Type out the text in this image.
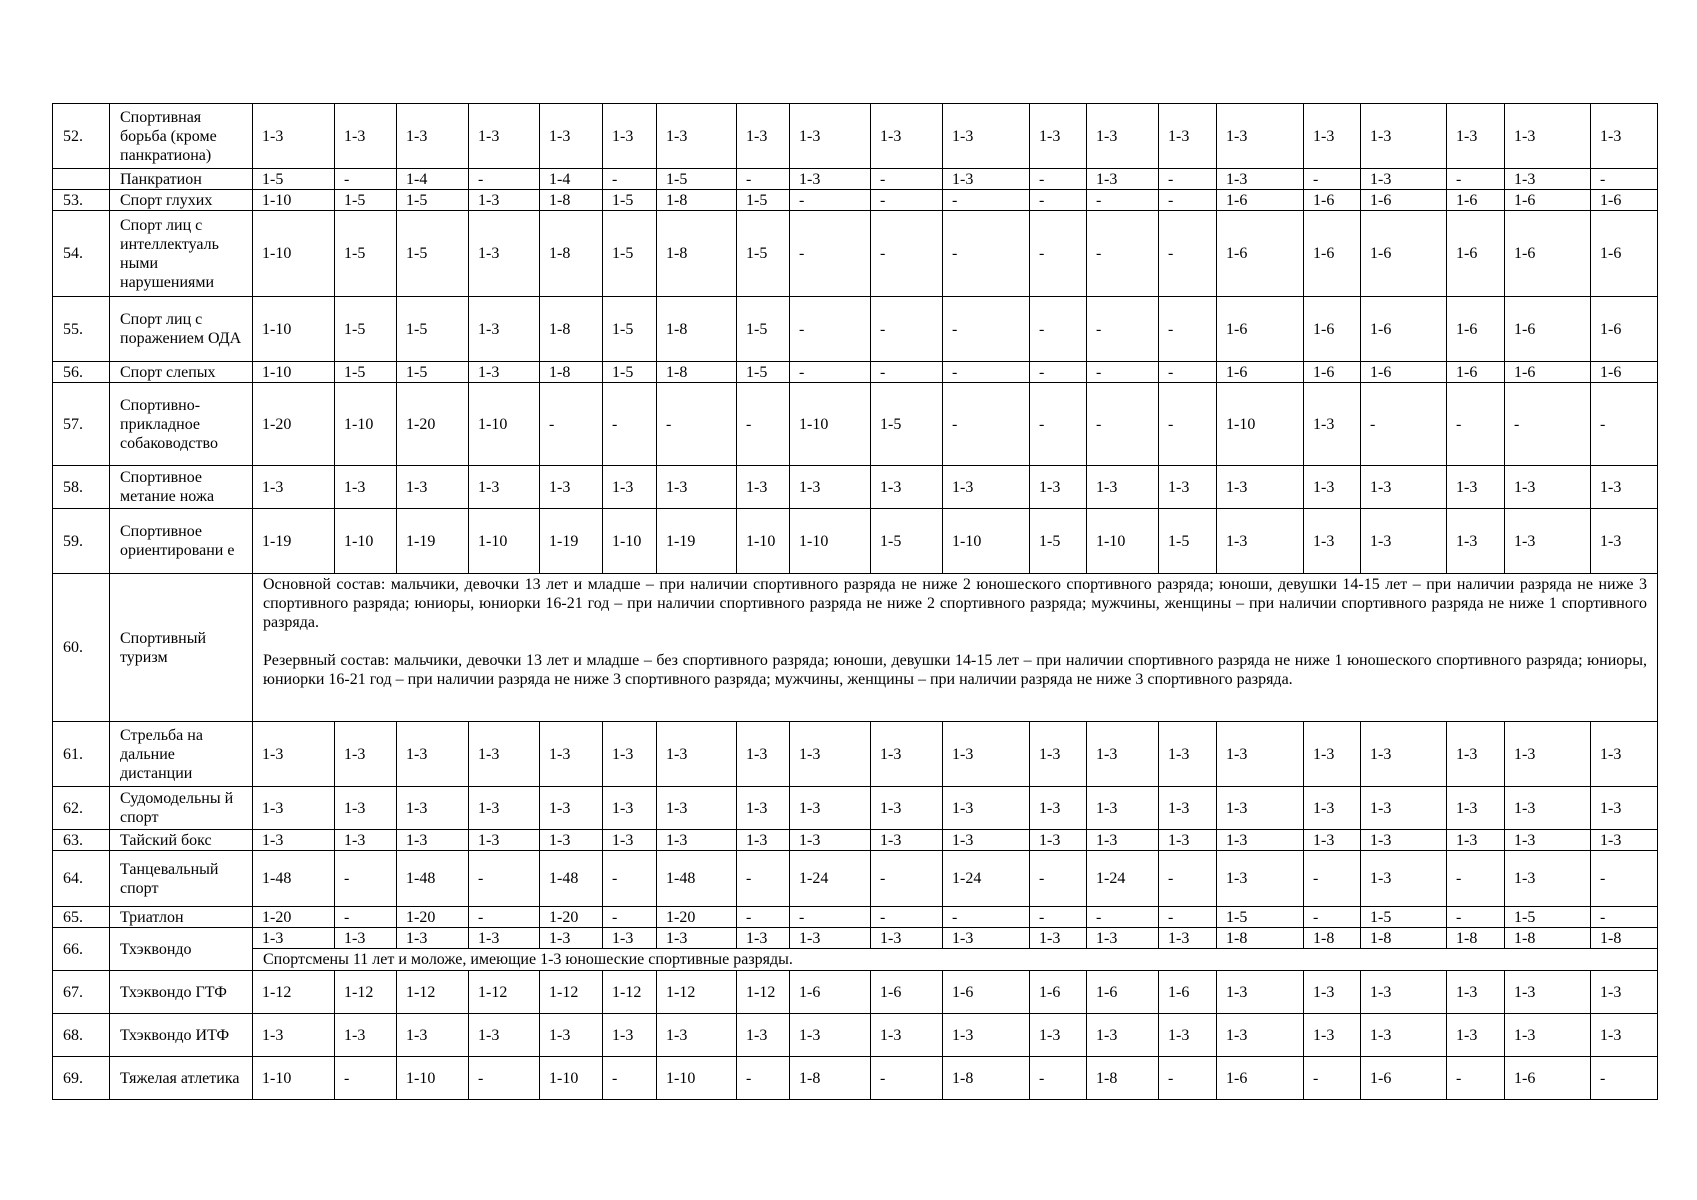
52.	Спортивная борьба (кроме панкратиона)	1-3	1-3	1-3	1-3	1-3	1-3	1-3	1-3	1-3	1-3	1-3	1-3	1-3	1-3	1-3	1-3	1-3	1-3	1-3	1-3
	Панкратион	1-5	-	1-4	-	1-4	-	1-5	-	1-3	-	1-3	-	1-3	-	1-3	-	1-3	-	1-3	-
53.	Спорт глухих	1-10	1-5	1-5	1-3	1-8	1-5	1-8	1-5	-	-	-	-	-	-	1-6	1-6	1-6	1-6	1-6	1-6
54.	Спорт лиц с интеллектуаль ными нарушениями	1-10	1-5	1-5	1-3	1-8	1-5	1-8	1-5	-	-	-	-	-	-	1-6	1-6	1-6	1-6	1-6	1-6
55.	Спорт лиц с поражением ОДА	1-10	1-5	1-5	1-3	1-8	1-5	1-8	1-5	-	-	-	-	-	-	1-6	1-6	1-6	1-6	1-6	1-6
56.	Спорт слепых	1-10	1-5	1-5	1-3	1-8	1-5	1-8	1-5	-	-	-	-	-	-	1-6	1-6	1-6	1-6	1-6	1-6
57.	Спортивно-прикладное собаководство	1-20	1-10	1-20	1-10	-	-	-	-	1-10	1-5	-	-	-	-	1-10	1-3	-	-	-	-
58.	Спортивное метание ножа	1-3	1-3	1-3	1-3	1-3	1-3	1-3	1-3	1-3	1-3	1-3	1-3	1-3	1-3	1-3	1-3	1-3	1-3	1-3	1-3
59.	Спортивное ориентировани е	1-19	1-10	1-19	1-10	1-19	1-10	1-19	1-10	1-10	1-5	1-10	1-5	1-10	1-5	1-3	1-3	1-3	1-3	1-3	1-3
60.	Спортивный туризм	Основной состав: мальчики, девочки 13 лет и младше – при наличии спортивного разряда не ниже 2 юношеского спортивного разряда; юноши, девушки 14-15 лет – при наличии разряда не ниже 3 спортивного разряда; юниоры, юниорки 16-21 год – при наличии спортивного разряда не ниже 2 спортивного разряда; мужчины, женщины – при наличии спортивного разряда не ниже 1 спортивного разряда.

Резервный состав: мальчики, девочки 13 лет и младше – без спортивного разряда; юноши, девушки 14-15 лет – при наличии спортивного разряда не ниже 1 юношеского спортивного разряда; юниоры, юниорки 16-21 год – при наличии разряда не ниже 3 спортивного разряда; мужчины, женщины – при наличии разряда не ниже 3 спортивного разряда.																			

61.	Стрельба на дальние дистанции	1-3	1-3	1-3	1-3	1-3	1-3	1-3	1-3	1-3	1-3	1-3	1-3	1-3	1-3	1-3	1-3	1-3	1-3	1-3	1-3
62.	Судомодельны й спорт	1-3	1-3	1-3	1-3	1-3	1-3	1-3	1-3	1-3	1-3	1-3	1-3	1-3	1-3	1-3	1-3	1-3	1-3	1-3	1-3
63.	Тайский бокс	1-3	1-3	1-3	1-3	1-3	1-3	1-3	1-3	1-3	1-3	1-3	1-3	1-3	1-3	1-3	1-3	1-3	1-3	1-3	1-3
64.	Танцевальный спорт	1-48	-	1-48	-	1-48	-	1-48	-	1-24	-	1-24	-	1-24	-	1-3	-	1-3	-	1-3	-
65.	Триатлон	1-20	-	1-20	-	1-20	-	1-20	-	-	-	-	-	-	-	1-5	-	1-5	-	1-5	-
66.	Тхэквондо	1-3	1-3	1-3	1-3	1-3	1-3	1-3	1-3	1-3	1-3	1-3	1-3	1-3	1-3	1-8	1-8	1-8	1-8	1-8	1-8

		Спортсмены 11 лет и моложе, имеющие 1-3 юношеские спортивные разряды.																			

67.	Тхэквондо ГТФ	1-12	1-12	1-12	1-12	1-12	1-12	1-12	1-12	1-6	1-6	1-6	1-6	1-6	1-6	1-3	1-3	1-3	1-3	1-3	1-3
68.	Тхэквондо ИТФ	1-3	1-3	1-3	1-3	1-3	1-3	1-3	1-3	1-3	1-3	1-3	1-3	1-3	1-3	1-3	1-3	1-3	1-3	1-3	1-3
69.	Тяжелая атлетика	1-10	-	1-10	-	1-10	-	1-10	-	1-8	-	1-8	-	1-8	-	1-6	-	1-6	-	1-6	-
